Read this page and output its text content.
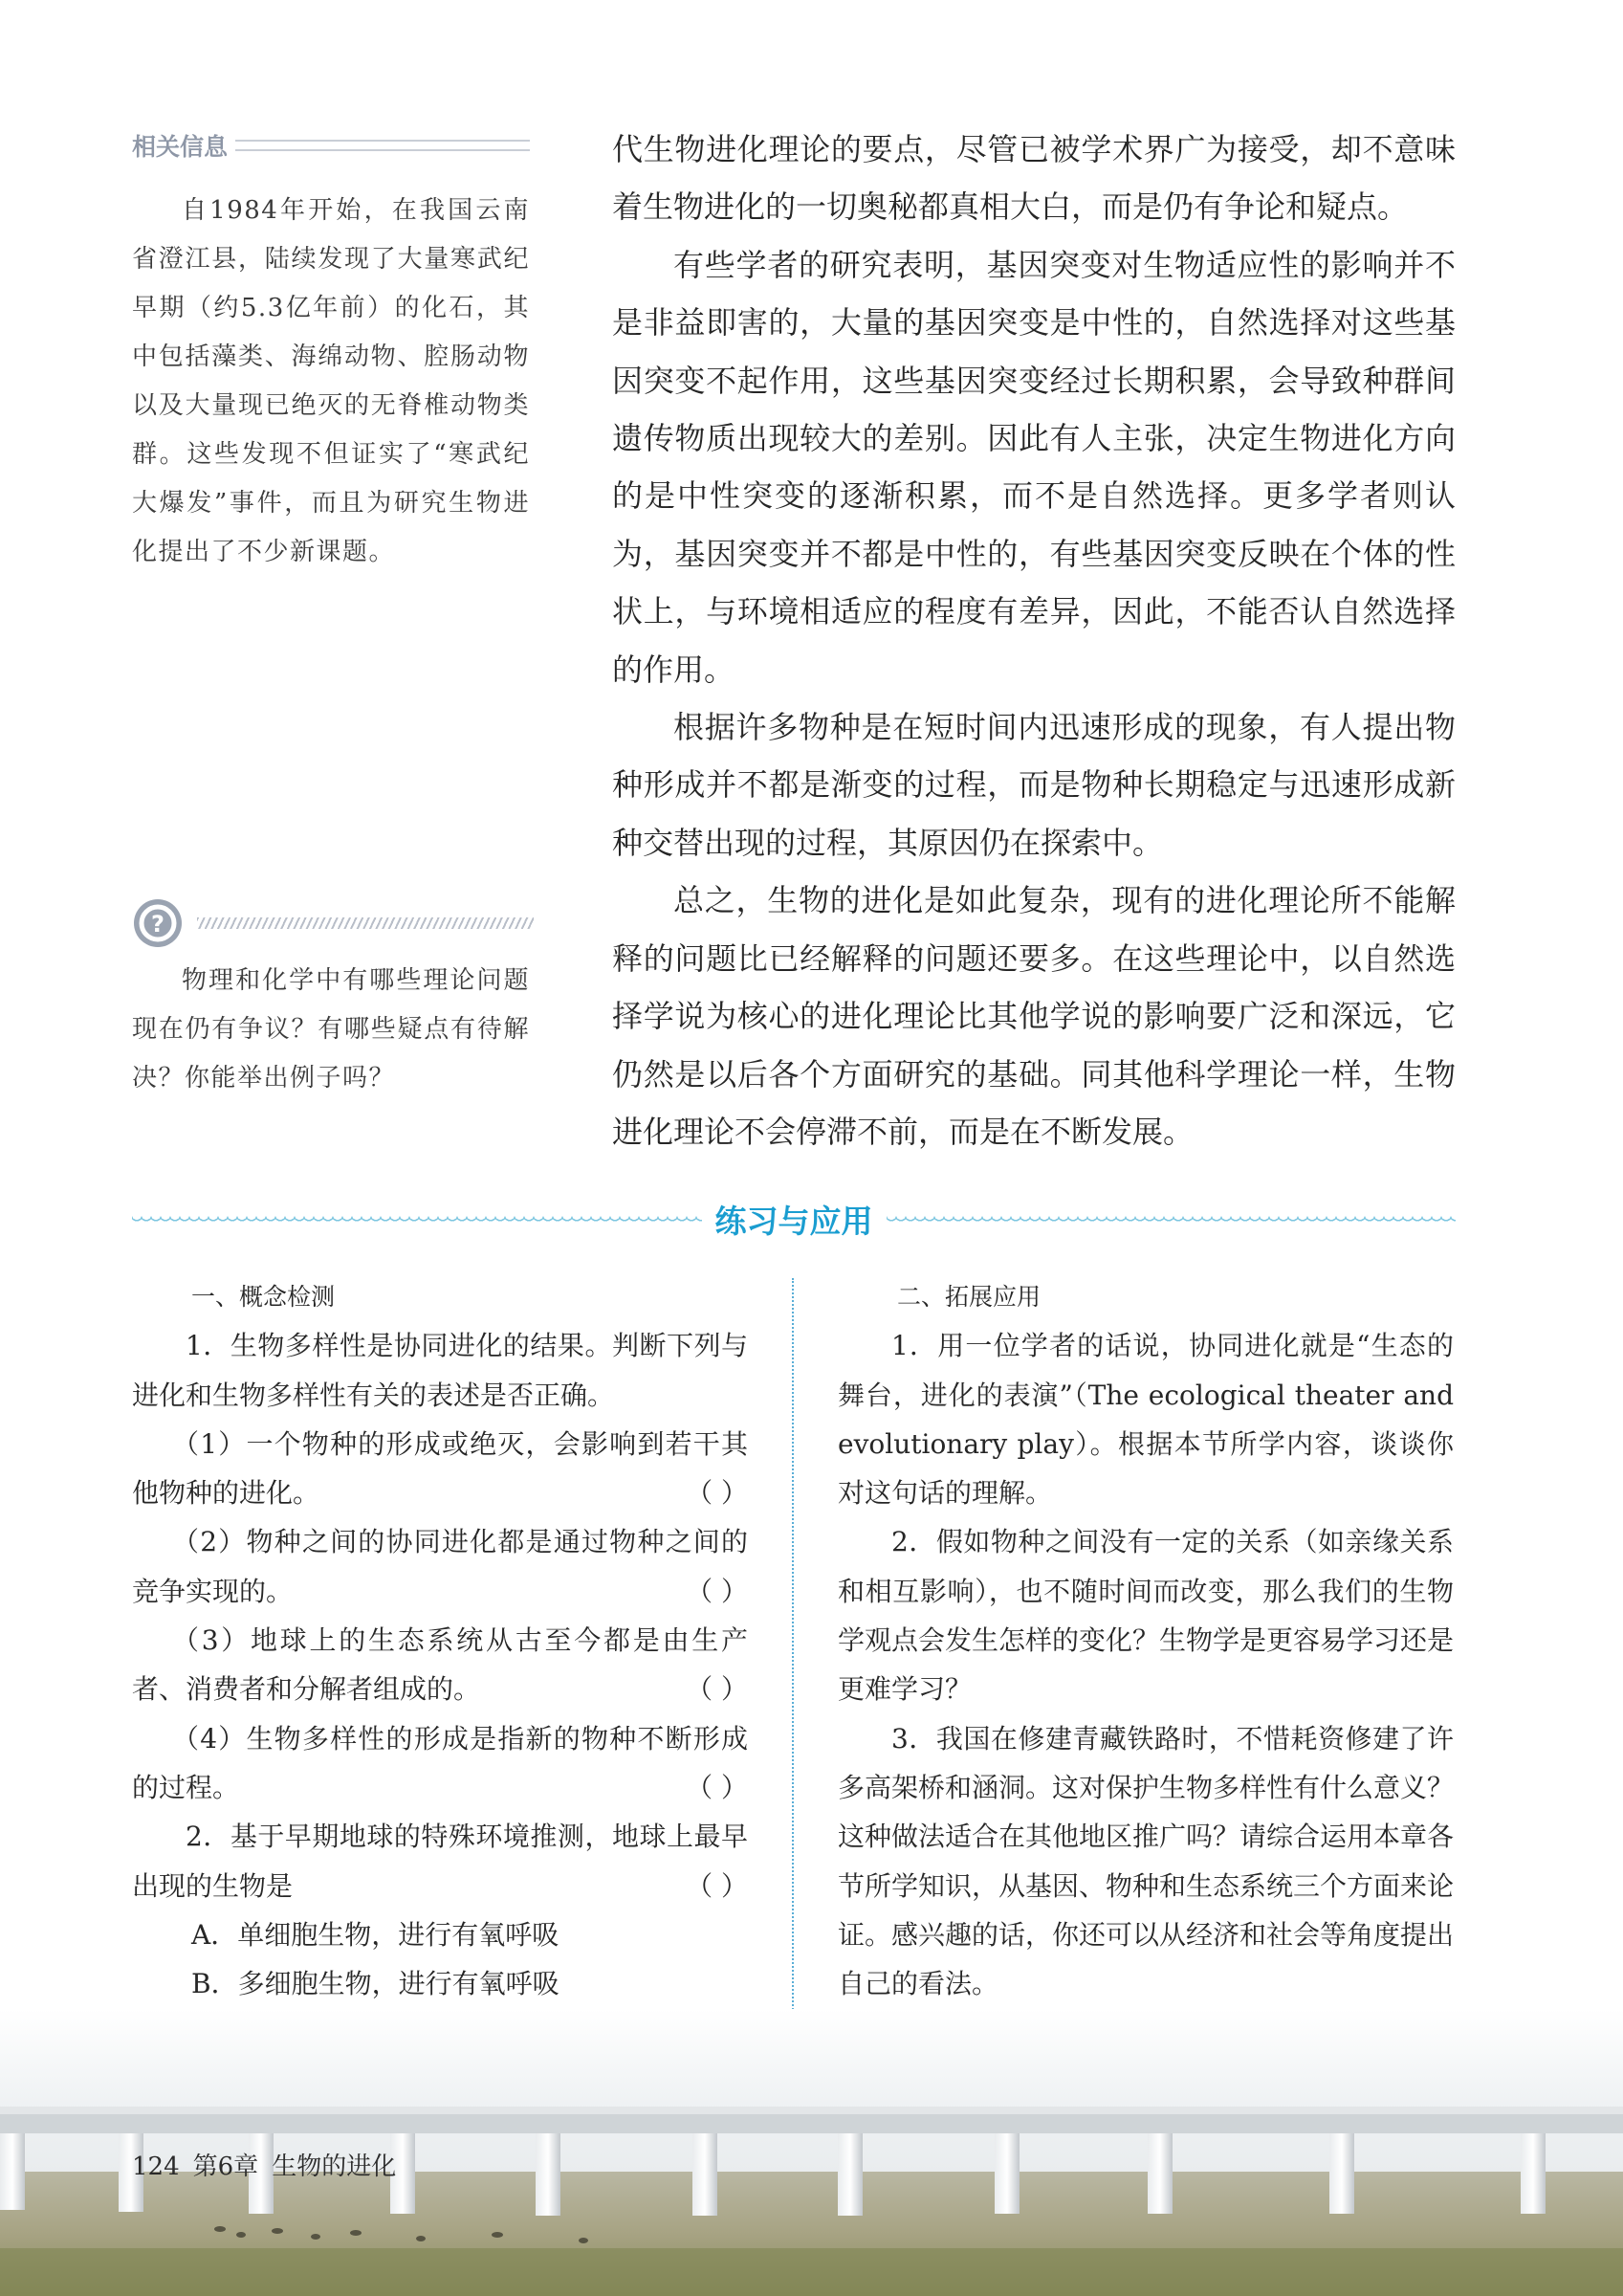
相关信息

自1984年开始，在我国云南省澄江县，陆续发现了大量寒武纪早期（约5.3亿年前）的化石，其中包括藻类、海绵动物、腔肠动物以及大量现已绝灭的无脊椎动物类群。这些发现不但证实了“寒武纪大爆发”事件，而且为研究生物进化提出了不少新课题。

?

物理和化学中有哪些理论问题现在仍有争议？有哪些疑点有待解决？你能举出例子吗？

代生物进化理论的要点，尽管已被学术界广为接受，却不意味着生物进化的一切奥秘都真相大白，而是仍有争论和疑点。

有些学者的研究表明，基因突变对生物适应性的影响并不是非益即害的，大量的基因突变是中性的，自然选择对这些基因突变不起作用，这些基因突变经过长期积累，会导致种群间遗传物质出现较大的差别。因此有人主张，决定生物进化方向的是中性突变的逐渐积累，而不是自然选择。更多学者则认为，基因突变并不都是中性的，有些基因突变反映在个体的性状上，与环境相适应的程度有差异，因此，不能否认自然选择的作用。

根据许多物种是在短时间内迅速形成的现象，有人提出物种形成并不都是渐变的过程，而是物种长期稳定与迅速形成新种交替出现的过程，其原因仍在探索中。

总之，生物的进化是如此复杂，现有的进化理论所不能解释的问题比已经解释的问题还要多。在这些理论中，以自然选择学说为核心的进化理论比其他学说的影响要广泛和深远，它仍然是以后各个方面研究的基础。同其他科学理论一样，生物进化理论不会停滞不前，而是在不断发展。

练习与应用

一、概念检测

1．生物多样性是协同进化的结果。判断下列与进化和生物多样性有关的表述是否正确。

（1）一个物种的形成或绝灭，会影响到若干其他物种的进化。	（ ）

（2）物种之间的协同进化都是通过物种之间的竞争实现的。	（ ）

（3）地球上的生态系统从古至今都是由生产者、消费者和分解者组成的。	（ ）

（4）生物多样性的形成是指新的物种不断形成的过程。	（ ）

2．基于早期地球的特殊环境推测，地球上最早出现的生物是	（ ）

A．单细胞生物，进行有氧呼吸

B．多细胞生物，进行有氧呼吸

二、拓展应用

1．用一位学者的话说，协同进化就是“生态的舞台，进化的表演”（The ecological theater and evolutionary play）。根据本节所学内容，谈谈你对这句话的理解。

2．假如物种之间没有一定的关系（如亲缘关系和相互影响），也不随时间而改变，那么我们的生物学观点会发生怎样的变化？生物学是更容易学习还是更难学习？

3．我国在修建青藏铁路时，不惜耗资修建了许多高架桥和涵洞。这对保护生物多样性有什么意义？这种做法适合在其他地区推广吗？请综合运用本章各节所学知识，从基因、物种和生态系统三个方面来论证。感兴趣的话，你还可以从经济和社会等角度提出自己的看法。

124 第6章 生物的进化
